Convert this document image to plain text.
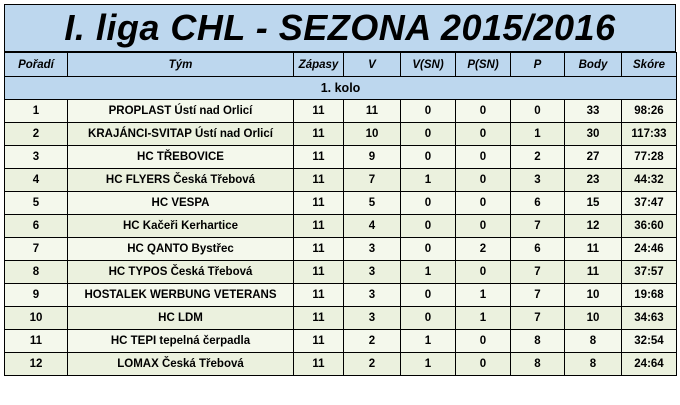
I. liga CHL - SEZONA 2015/2016
Pořadí	Tým	Zápasy	V	V(SN)	P(SN)	P	Body	Skóre
1. kolo								
1	PROPLAST Ústí nad Orlicí	11	11	0	0	0	33	98:26
2	KRAJÁNCI-SVITAP Ústí nad Orlicí	11	10	0	0	1	30	117:33
3	HC TŘEBOVICE	11	9	0	0	2	27	77:28
4	HC FLYERS Česká Třebová	11	7	1	0	3	23	44:32
5	HC VESPA	11	5	0	0	6	15	37:47
6	HC Kačeři Kerhartice	11	4	0	0	7	12	36:60
7	HC QANTO Bystřec	11	3	0	2	6	11	24:46
8	HC TYPOS Česká Třebová	11	3	1	0	7	11	37:57
9	HOSTALEK WERBUNG VETERANS	11	3	0	1	7	10	19:68
10	HC LDM	11	3	0	1	7	10	34:63
11	HC TEPI tepelná čerpadla	11	2	1	0	8	8	32:54
12	LOMAX Česká Třebová	11	2	1	0	8	8	24:64
